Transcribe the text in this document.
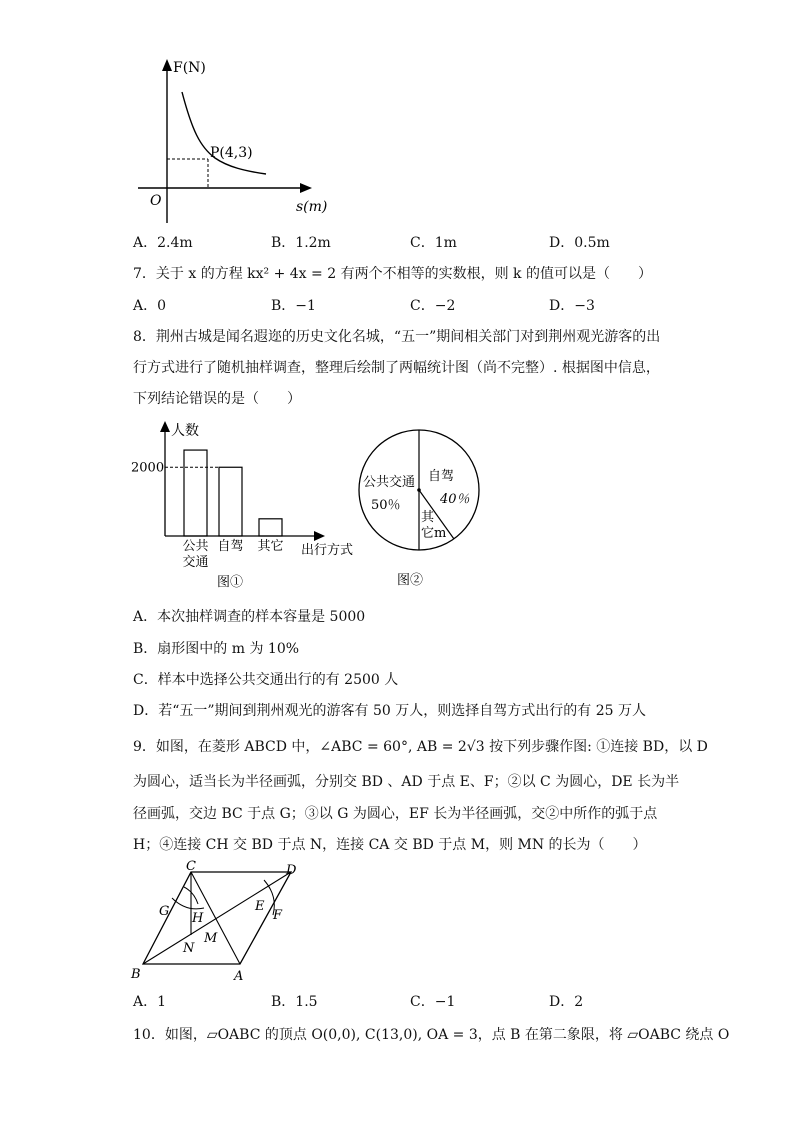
F(N)
s(m)
O
P(4,3)
A．2.4m	B．1.2m	C．1m	D．0.5m
7．关于 x 的方程 kx² + 4x = 2 有两个不相等的实数根，则 k 的值可以是（　　）
A．0	B．−1	C．−2	D．−3
8．荆州古城是闻名遐迩的历史文化名城，“五一”期间相关部门对到荆州观光游客的出
行方式进行了随机抽样调查，整理后绘制了两幅统计图（尚不完整）. 根据图中信息，
下列结论错误的是（　　）
人数
2000
公共
交通
自驾 其它 出行方式
图①
公共交通
50％
自驾
40％
其
它m
图②
A．本次抽样调查的样本容量是 5000
B．扇形图中的 m 为 10%
C．样本中选择公共交通出行的有 2500 人
D．若“五一”期间到荆州观光的游客有 50 万人，则选择自驾方式出行的有 25 万人
9．如图，在菱形 ABCD 中，∠ABC = 60°, AB = 2√3 按下列步骤作图: ①连接 BD，以 D
为圆心，适当长为半径画弧，分别交 BD 、AD 于点 E、F；②以 C 为圆心，DE 长为半
径画弧，交边 BC 于点 G；③以 G 为圆心，EF 长为半径画弧，交②中所作的弧于点
H；④连接 CH 交 BD 于点 N，连接 CA 交 BD 于点 M，则 MN 的长为（　　）
C	D
B	A
G H
E
F
M
N
A．1	B．1.5	C．−1	D．2
10．如图，▱OABC 的顶点 O(0,0), C(13,0), OA = 3，点 B 在第二象限，将 ▱OABC 绕点 O
